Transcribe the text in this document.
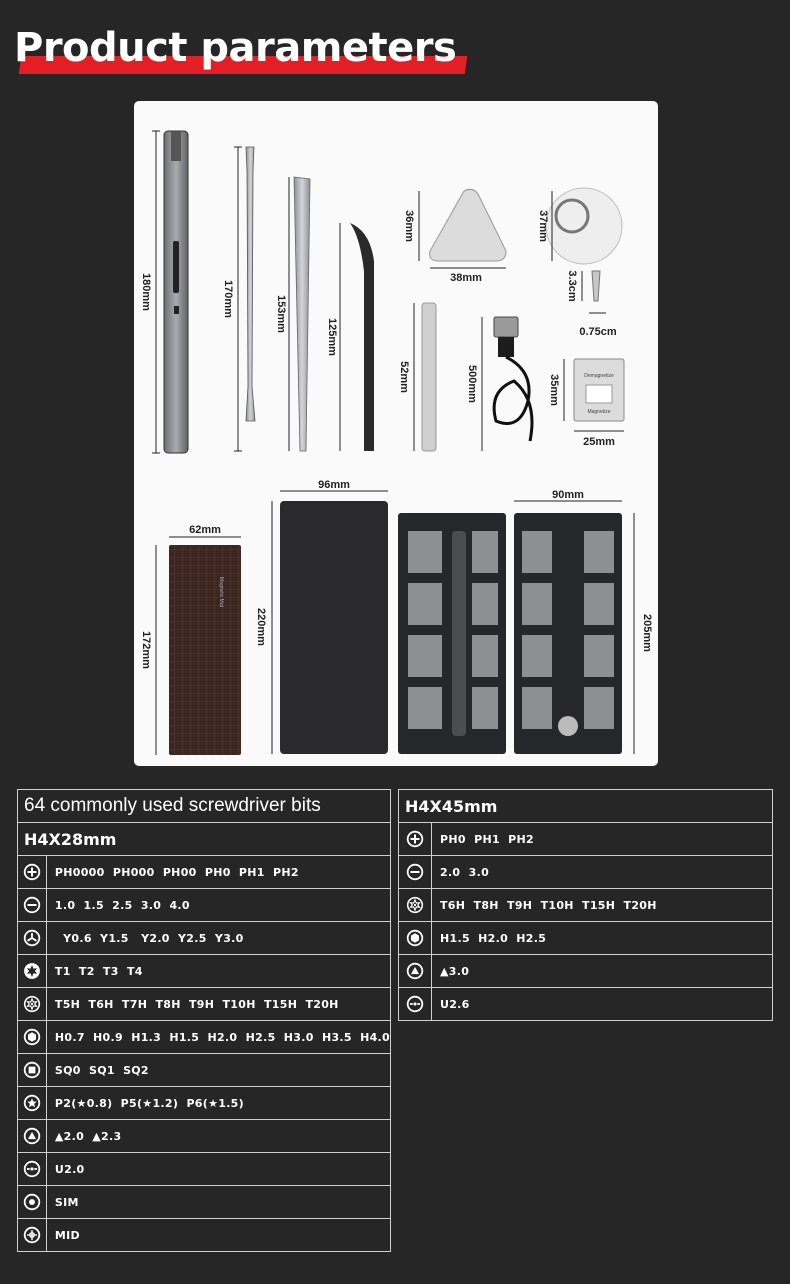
Product parameters
180mm	170mm	153mm
125mm
36mm
38mm
37mm
3.3cm
0.75cm
52mm	500mm	Demagnetize
Magnetize
35mm
25mm
Magnetic Mat
62mm
172mm
96mm
220mm
90mm
205mm
64 commonly used screwdriver bits	
H4X28mm	

	PH0000  PH000  PH00  PH0  PH1  PH2

	1.0  1.5  2.5  3.0  4.0

	Y0.6  Y1.5   Y2.0  Y2.5  Y3.0

	T1  T2  T3  T4

	T5H  T6H  T7H  T8H  T9H  T10H  T15H  T20H

	H0.7  H0.9  H1.3  H1.5  H2.0  H2.5  H3.0  H3.5  H4.0

	SQ0  SQ1  SQ2

	P2(★0.8)  P5(★1.2)  P6(★1.5)

	▲2.0  ▲2.3

	U2.0

	SIM

	MID
H4X45mm	

	PH0  PH1  PH2

	2.0  3.0

	T6H  T8H  T9H  T10H  T15H  T20H

	H1.5  H2.0  H2.5

	▲3.0

	U2.6
